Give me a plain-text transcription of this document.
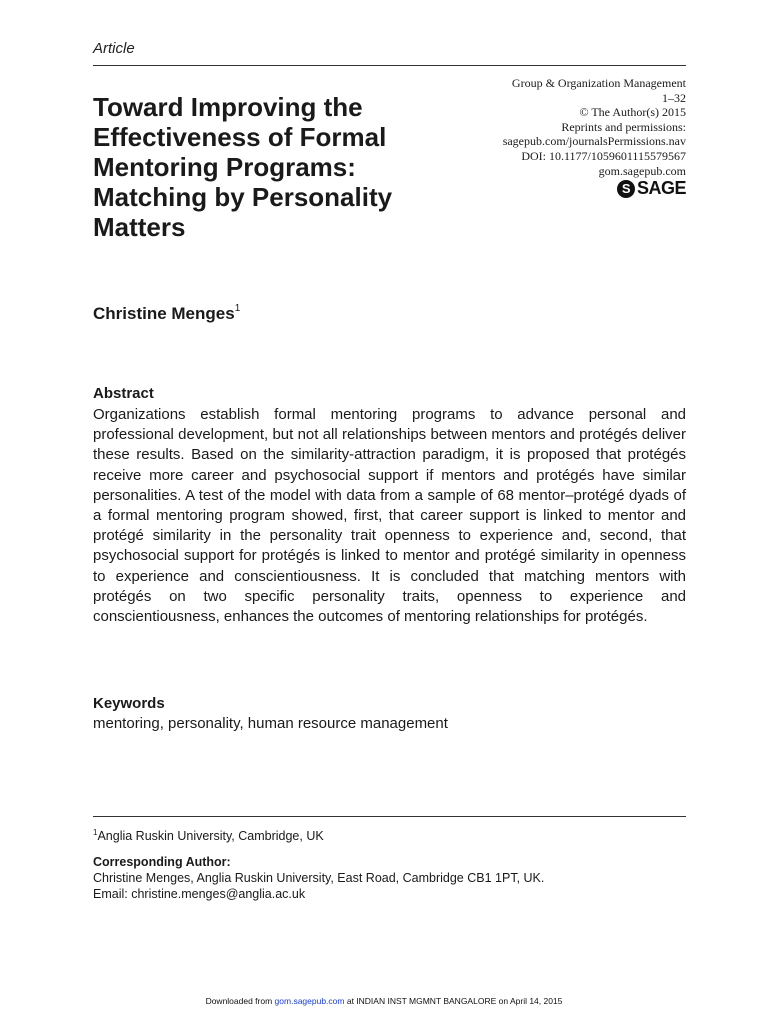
Article
Toward Improving the
Effectiveness of Formal
Mentoring Programs:
Matching by Personality
Matters
Group & Organization Management
1–32
© The Author(s) 2015
Reprints and permissions:
sagepub.com/journalsPermissions.nav
DOI: 10.1177/1059601115579567
gom.sagepub.com
S SAGE
Christine Menges$^1$
Abstract
Organizations establish formal mentoring programs to advance personal and professional development, but not all relationships between mentors and protégés deliver these results. Based on the similarity-attraction paradigm, it is proposed that protégés receive more career and psychosocial support if mentors and protégés have similar personalities. A test of the model with data from a sample of 68 mentor–protégé dyads of a formal mentoring program showed, first, that career support is linked to mentor and protégé similarity in the personality trait openness to experience and, second, that psychosocial support for protégés is linked to mentor and protégé similarity in openness to experience and conscientiousness. It is concluded that matching mentors with protégés on two specific personality traits, openness to experience and conscientiousness, enhances the outcomes of mentoring relationships for protégés.
Keywords
mentoring, personality, human resource management
$^1$Anglia Ruskin University, Cambridge, UK
Corresponding Author:
Christine Menges, Anglia Ruskin University, East Road, Cambridge CB1 1PT, UK.
Email: christine.menges@anglia.ac.uk
Downloaded from gom.sagepub.com at INDIAN INST MGMNT BANGALORE on April 14, 2015
